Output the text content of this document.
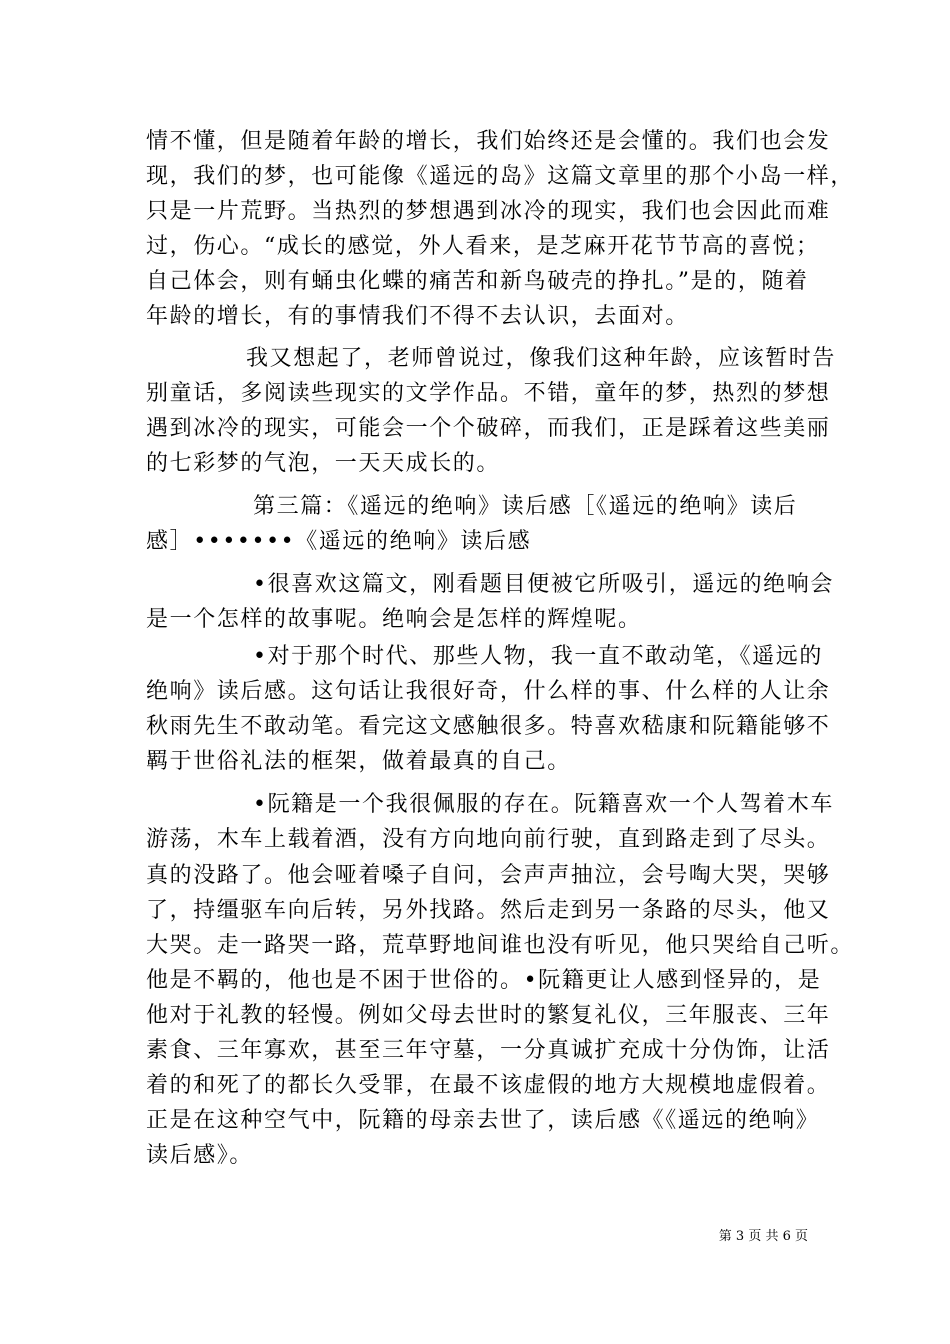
情不懂，但是随着年龄的增长，我们始终还是会懂的。我们也会发
现，我们的梦，也可能像《遥远的岛》这篇文章里的那个小岛一样，
只是一片荒野。当热烈的梦想遇到冰冷的现实，我们也会因此而难
过，伤心。“成长的感觉，外人看来，是芝麻开花节节高的喜悦；
自己体会，则有蛹虫化蝶的痛苦和新鸟破壳的挣扎。”是的，随着
年龄的增长，有的事情我们不得不去认识，去面对。
我又想起了，老师曾说过，像我们这种年龄，应该暂时告
别童话，多阅读些现实的文学作品。不错，童年的梦，热烈的梦想
遇到冰冷的现实，可能会一个个破碎，而我们，正是踩着这些美丽
的七彩梦的气泡，一天天成长的。
第三篇：《遥远的绝响》读后感［《遥远的绝响》读后
感］•••••••《遥远的绝响》读后感
•很喜欢这篇文，刚看题目便被它所吸引，遥远的绝响会
是一个怎样的故事呢。绝响会是怎样的辉煌呢。
•对于那个时代、那些人物，我一直不敢动笔，《遥远的
绝响》读后感。这句话让我很好奇，什么样的事、什么样的人让余
秋雨先生不敢动笔。看完这文感触很多。特喜欢嵇康和阮籍能够不
羁于世俗礼法的框架，做着最真的自己。
•阮籍是一个我很佩服的存在。阮籍喜欢一个人驾着木车
游荡，木车上载着酒，没有方向地向前行驶，直到路走到了尽头。
真的没路了。他会哑着嗓子自问，会声声抽泣，会号啕大哭，哭够
了，持缰驱车向后转，另外找路。然后走到另一条路的尽头，他又
大哭。走一路哭一路，荒草野地间谁也没有听见，他只哭给自己听。
他是不羁的，他也是不困于世俗的。•阮籍更让人感到怪异的，是
他对于礼教的轻慢。例如父母去世时的繁复礼仪，三年服丧、三年
素食、三年寡欢，甚至三年守墓，一分真诚扩充成十分伪饰，让活
着的和死了的都长久受罪，在最不该虚假的地方大规模地虚假着。
正是在这种空气中，阮籍的母亲去世了，读后感《《遥远的绝响》
读后感》。
第 3 页 共 6 页
